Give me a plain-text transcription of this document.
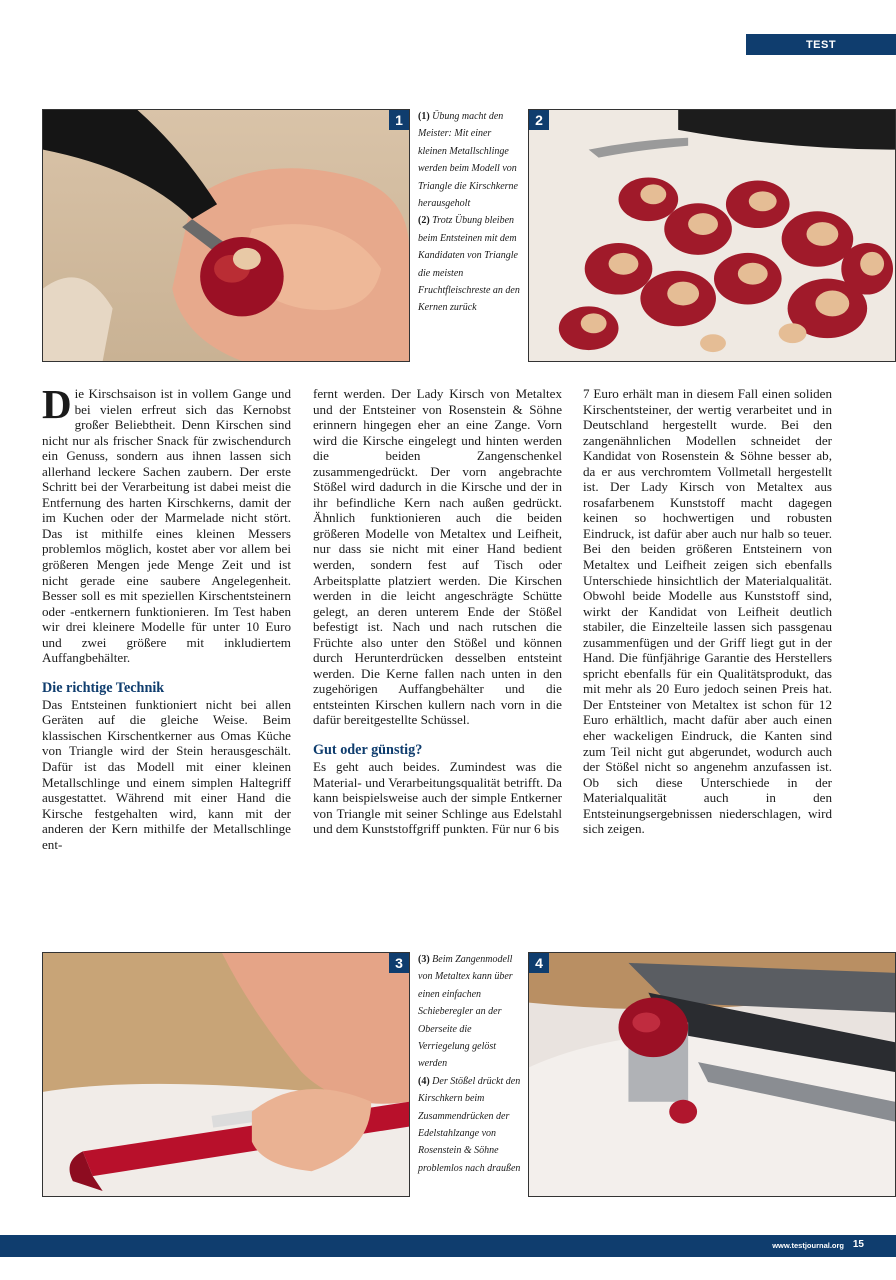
TEST
1	2
(1) Übung macht den Meister: Mit einer kleinen Metallschlinge werden beim Modell von Triangle die Kirschkerne herausgeholt
(2) Trotz Übung bleiben beim Entsteinen mit dem Kandidaten von Triangle die meisten Fruchtfleischreste an den Kernen zurück

Die Kirschsaison ist in vollem Gange und bei vielen erfreut sich das Kernobst großer Beliebtheit. Denn Kirschen sind nicht nur als frischer Snack für zwischendurch ein Genuss, sondern aus ihnen lassen sich allerhand leckere Sachen zaubern. Der erste Schritt bei der Verarbeitung ist dabei meist die Entfernung des harten Kirschkerns, damit der im Kuchen oder der Marmelade nicht stört. Das ist mithilfe eines kleinen Messers problemlos möglich, kostet aber vor allem bei größeren Mengen jede Menge Zeit und ist nicht gerade eine saubere Angelegenheit. Besser soll es mit speziellen Kirschentsteinern oder -entkernern funktionieren. Im Test haben wir drei kleinere Modelle für unter 10 Euro und zwei größere mit inkludiertem Auffangbehälter.

Die richtige Technik

Das Entsteinen funktioniert nicht bei allen Geräten auf die gleiche Weise. Beim klassischen Kirschentkerner aus Omas Küche von Triangle wird der Stein herausgeschält. Dafür ist das Modell mit einer kleinen Metallschlinge und einem simplen Haltegriff ausgestattet. Während mit einer Hand die Kirsche festgehalten wird, kann mit der anderen der Kern mithilfe der Metallschlinge ent-

fernt werden. Der Lady Kirsch von Metaltex und der Entsteiner von Rosenstein & Söhne erinnern hingegen eher an eine Zange. Vorn wird die Kirsche eingelegt und hinten werden die beiden Zangenschenkel zusammengedrückt. Der vorn angebrachte Stößel wird dadurch in die Kirsche und der in ihr befindliche Kern nach außen gedrückt. Ähnlich funktionieren auch die beiden größeren Modelle von Metaltex und Leifheit, nur dass sie nicht mit einer Hand bedient werden, sondern fest auf Tisch oder Arbeitsplatte platziert werden. Die Kirschen werden in die leicht angeschrägte Schütte gelegt, an deren unterem Ende der Stößel befestigt ist. Nach und nach rutschen die Früchte also unter den Stößel und können durch Herunterdrücken desselben entsteint werden. Die Kerne fallen nach unten in den zugehörigen Auffangbehälter und die entsteinten Kirschen kullern nach vorn in die dafür bereitgestellte Schüssel.

Gut oder günstig?

Es geht auch beides. Zumindest was die Material- und Verarbeitungsqualität betrifft. Da kann beispielsweise auch der simple Entkerner von Triangle mit seiner Schlinge aus Edelstahl und dem Kunststoffgriff punkten. Für nur 6 bis

7 Euro erhält man in diesem Fall einen soliden Kirschentsteiner, der wertig verarbeitet und in Deutschland hergestellt wurde. Bei den zangenähnlichen Modellen schneidet der Kandidat von Rosenstein & Söhne besser ab, da er aus verchromtem Vollmetall hergestellt ist. Der Lady Kirsch von Metaltex aus rosafarbenem Kunststoff macht dagegen keinen so hochwertigen und robusten Eindruck, ist dafür aber auch nur halb so teuer. Bei den beiden größeren Entsteinern von Metaltex und Leifheit zeigen sich ebenfalls Unterschiede hinsichtlich der Materialqualität. Obwohl beide Modelle aus Kunststoff sind, wirkt der Kandidat von Leifheit deutlich stabiler, die Einzelteile lassen sich passgenau zusammenfügen und der Griff liegt gut in der Hand. Die fünfjährige Garantie des Herstellers spricht ebenfalls für ein Qualitätsprodukt, das mit mehr als 20 Euro jedoch seinen Preis hat. Der Entsteiner von Metaltex ist schon für 12 Euro erhältlich, macht dafür aber auch einen eher wackeligen Eindruck, die Kanten sind zum Teil nicht gut abgerundet, wodurch auch der Stößel nicht so angenehm anzufassen ist. Ob sich diese Unterschiede in der Materialqualität auch in den Entsteinungsergebnissen niederschlagen, wird sich zeigen.

3	4
(3) Beim Zangenmodell von Metaltex kann über einen einfachen Schieberegler an der Oberseite die Verriegelung gelöst werden
(4) Der Stößel drückt den Kirschkern beim Zusammendrücken der Edelstahlzange von Rosenstein & Söhne problemlos nach draußen
www.testjournal.org 15
